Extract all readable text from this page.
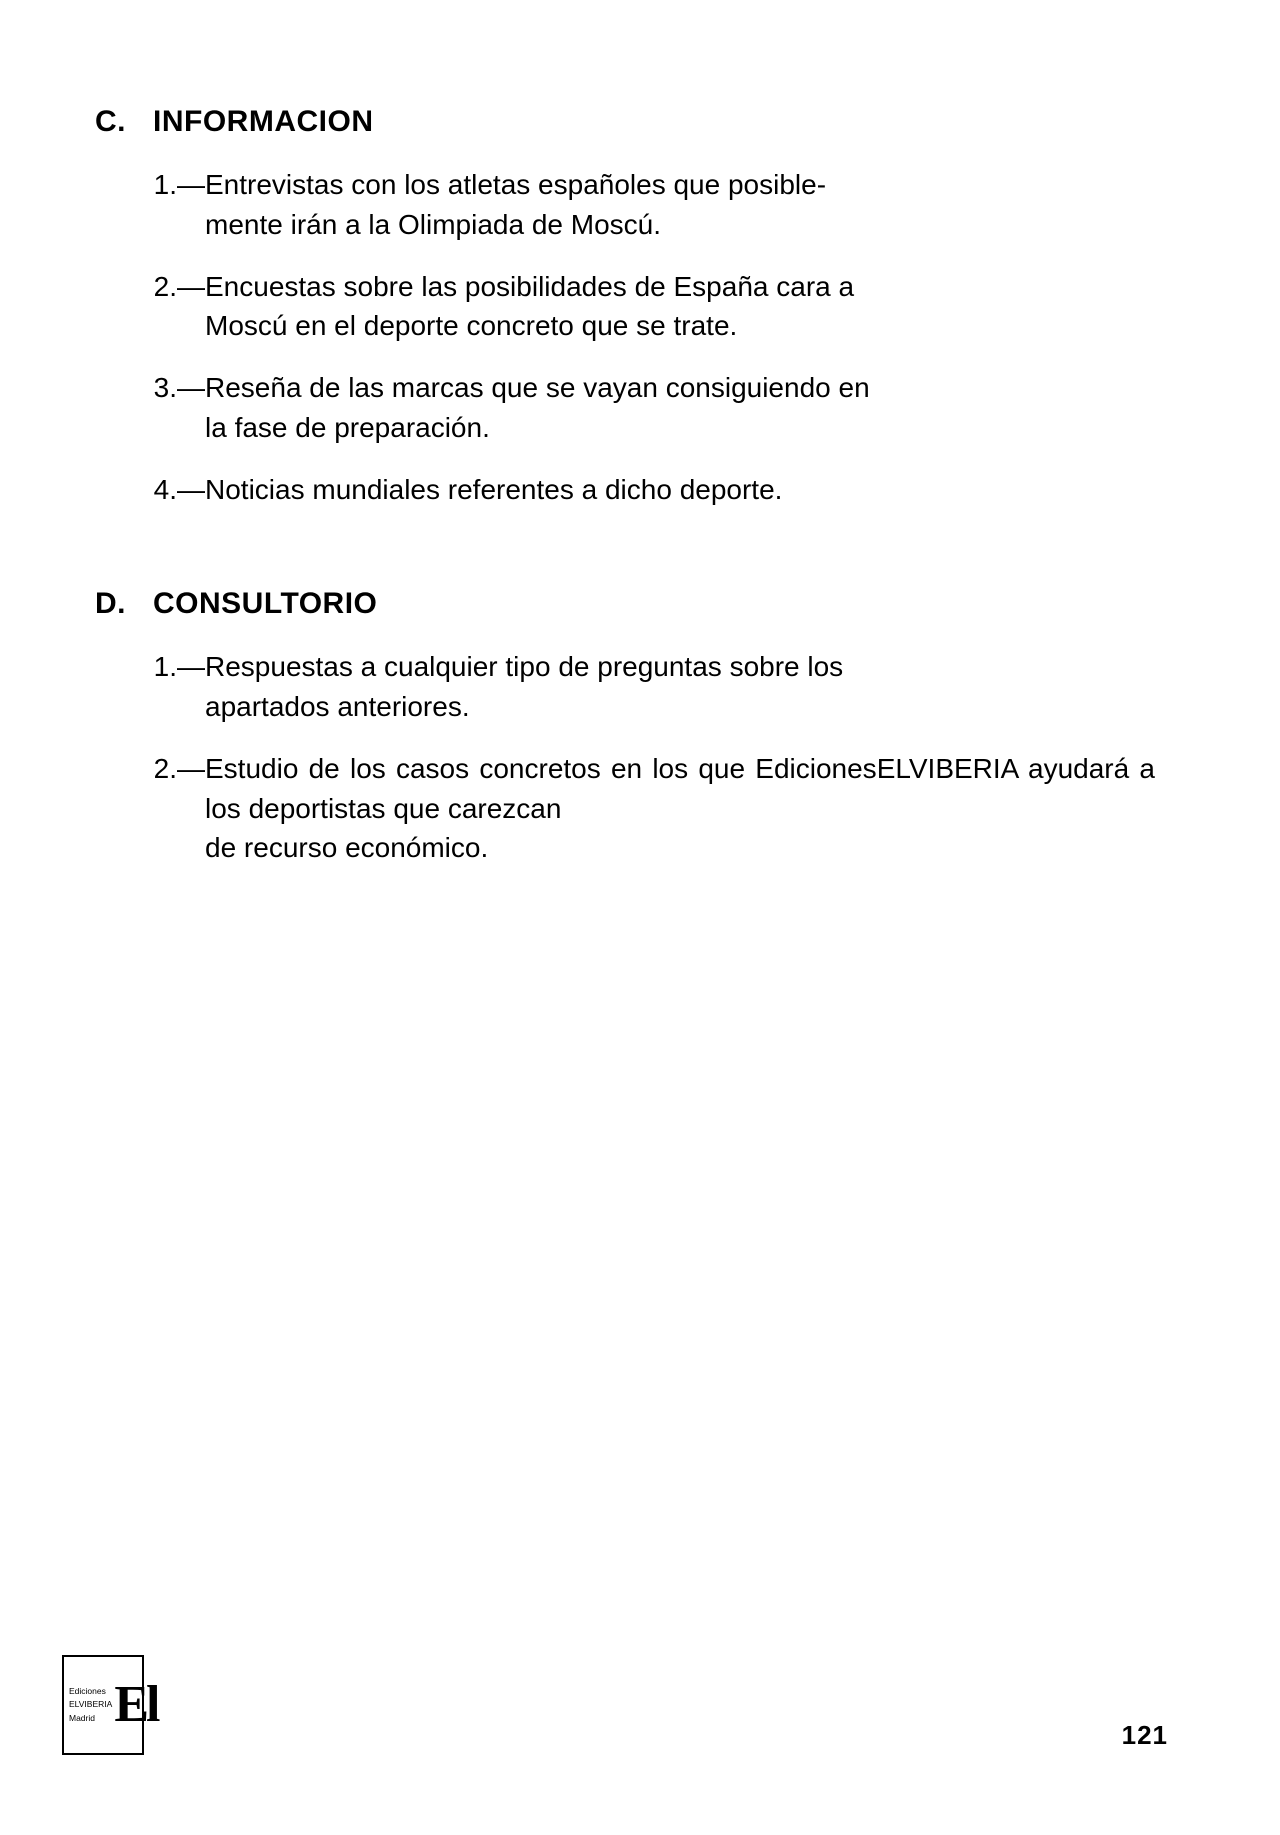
C. INFORMACION
1.— Entrevistas con los atletas españoles que posible-
mente irán a la Olimpiada de Moscú.
2.— Encuestas sobre las posibilidades de España cara a
Moscú en el deporte concreto que se trate.
3.— Reseña de las marcas que se vayan consiguiendo en
la fase de preparación.
4.— Noticias mundiales referentes a dicho deporte.
D. CONSULTORIO
1.— Respuestas a cualquier tipo de preguntas sobre los
apartados anteriores.
2.— Estudio de los casos concretos en los que EdicionesELVIBERIA ayudará a los deportistas que carezcan
de recurso económico.
Ediciones
ELVIBERIA
Madrid El
121
